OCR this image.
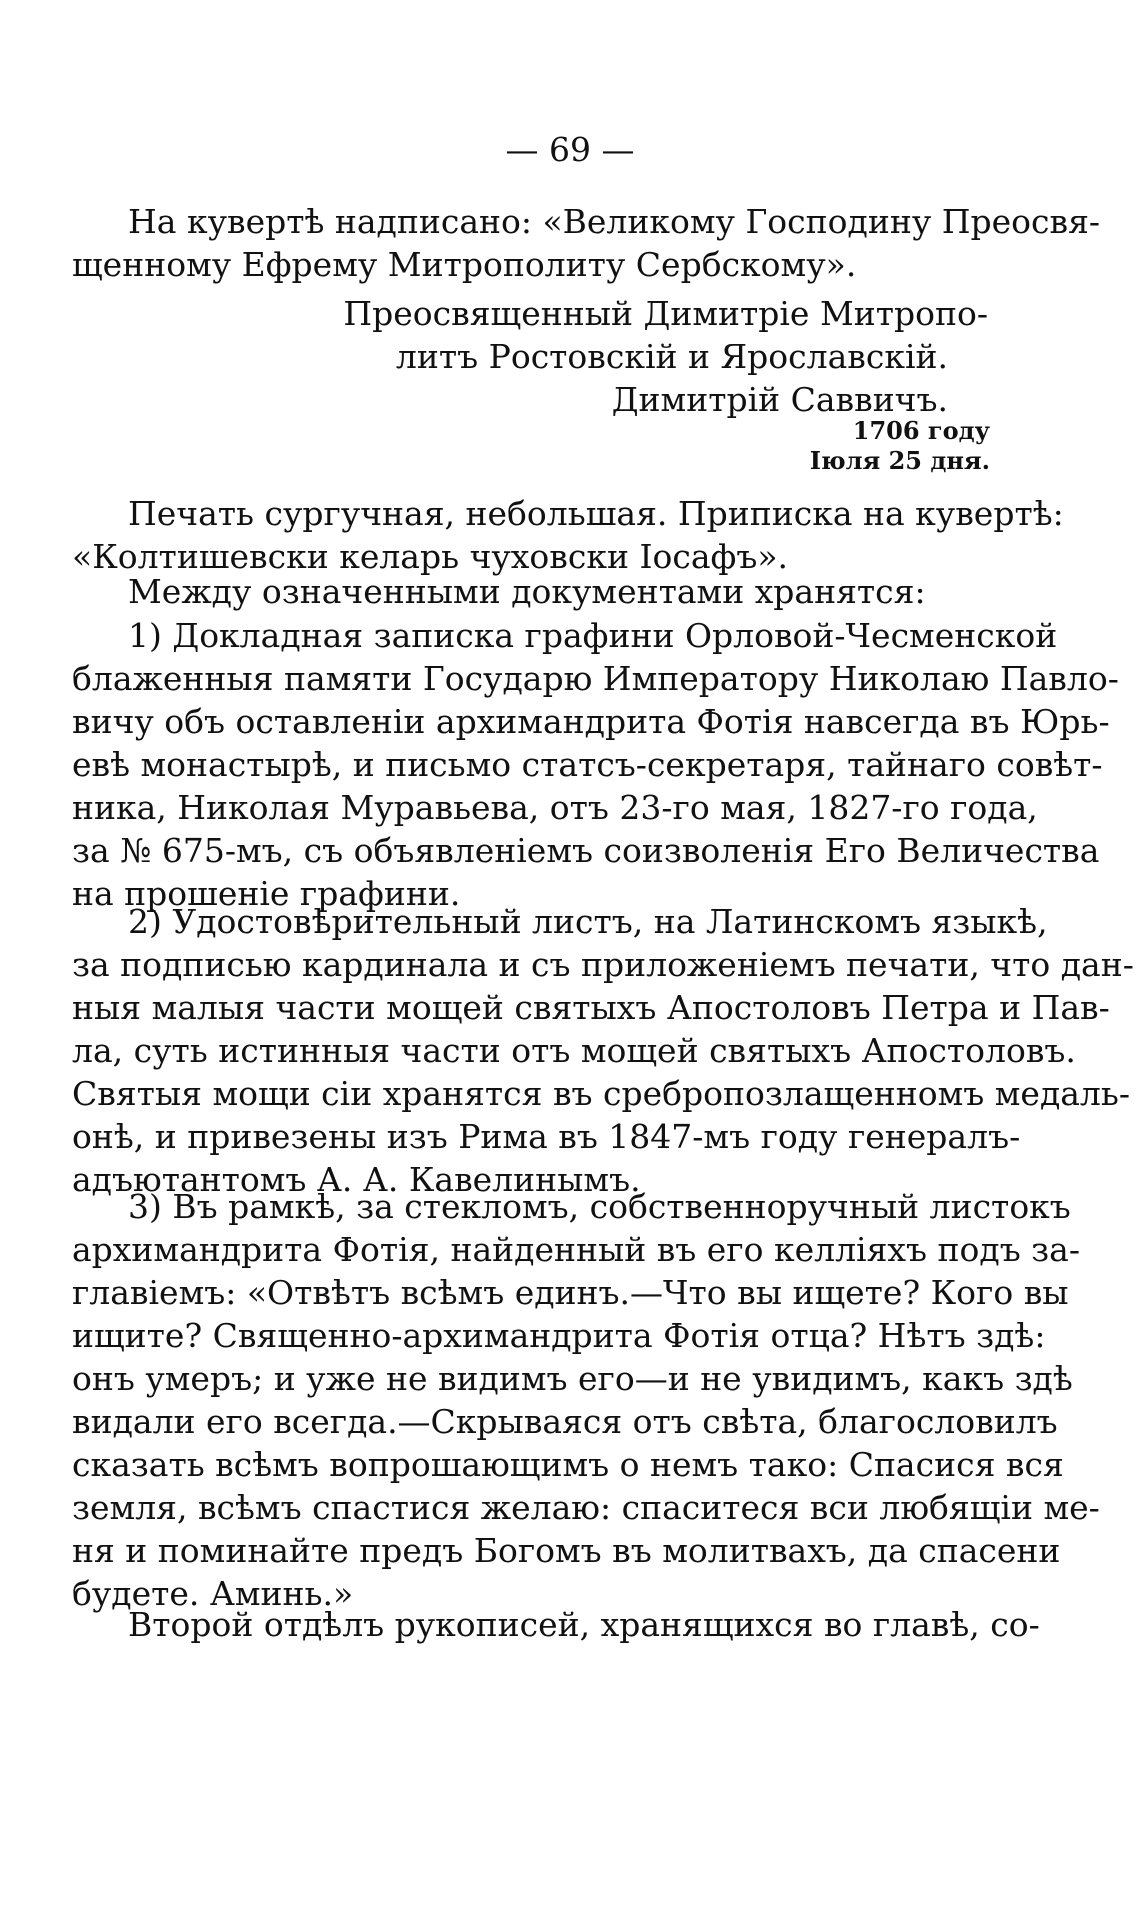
— 69 —
На кувертѣ надписано: «Великому Господину Преосвя-
щенному Ефрему Митрополиту Сербскому».
Преосвященный Димитріе Митропо-
литъ Ростовскій и Ярославскій.
Димитрій Саввичъ.
1706 году
Іюля 25 дня.
Печать сургучная, небольшая. Приписка на кувертѣ:
«Колтишевски келарь чуховски Іосафъ».
Между означенными документами хранятся:
1) Докладная записка графини Орловой-Чесменской
блаженныя памяти Государю Императору Николаю Павло-
вичу объ оставленіи архимандрита Фотія навсегда въ Юрь-
евѣ монастырѣ, и письмо статсъ-секретаря, тайнаго совѣт-
ника, Николая Муравьева, отъ 23-го мая, 1827-го года,
за № 675-мъ, съ объявленіемъ соизволенія Его Величества
на прошеніе графини.
2) Удостовѣрительный листъ, на Латинскомъ языкѣ,
за подписью кардинала и съ приложеніемъ печати, что дан-
ныя малыя части мощей святыхъ Апостоловъ Петра и Пав-
ла, суть истинныя части отъ мощей святыхъ Апостоловъ.
Святыя мощи сіи хранятся въ сребропозлащенномъ медаль-
онѣ, и привезены изъ Рима въ 1847-мъ году генералъ-
адъютантомъ А. А. Кавелинымъ.
3) Въ рамкѣ, за стекломъ, собственноручный листокъ
архимандрита Фотія, найденный въ его келліяхъ подъ за-
главіемъ: «Отвѣтъ всѣмъ единъ.—Что вы ищете? Кого вы
ищите? Священно-архимандрита Фотія отца? Нѣтъ здѣ:
онъ умеръ; и уже не видимъ его—и не увидимъ, какъ здѣ
видали его всегда.—Скрываяся отъ свѣта, благословилъ
сказать всѣмъ вопрошающимъ о немъ тако: Спасися вся
земля, всѣмъ спастися желаю: спаситеся вси любящіи ме-
ня и поминайте предъ Богомъ въ молитвахъ, да спасени
будете. Аминь.»
Второй отдѣлъ рукописей, хранящихся во главѣ, со-
